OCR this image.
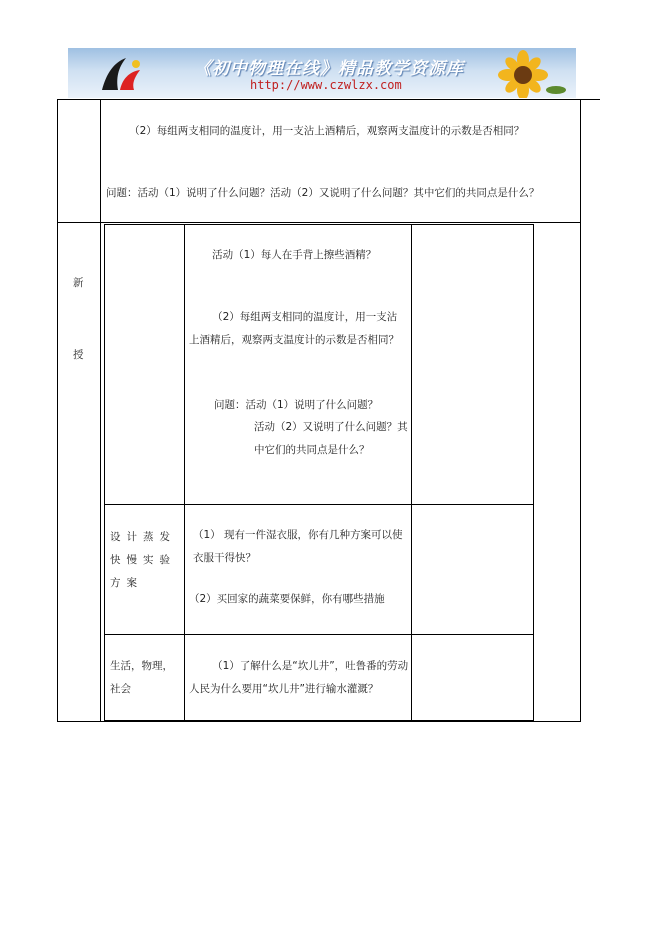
《初中物理在线》精品教学资源库
http://www.czwlzx.com
（2）每组两支相同的温度计，用一支沾上酒精后，观察两支温度计的示数是否相同？
问题：活动（1）说明了什么问题？活动（2）又说明了什么问题？其中它们的共同点是什么？
新
授
活动（1）每人在手背上擦些酒精？
（2）每组两支相同的温度计，用一支沾上酒精后，观察两支温度计的示数是否相同？
问题：活动（1）说明了什么问题？
活动（2）又说明了什么问题？其中它们的共同点是什么？
设计蒸发快慢实验方案
（1） 现有一件湿衣服，你有几种方案可以使衣服干得快？
（2）买回家的蔬菜要保鲜，你有哪些措施
生活，物理，社会
（1）了解什么是“坎儿井”，吐鲁番的劳动人民为什么要用“坎儿井”进行输水灌溉？
